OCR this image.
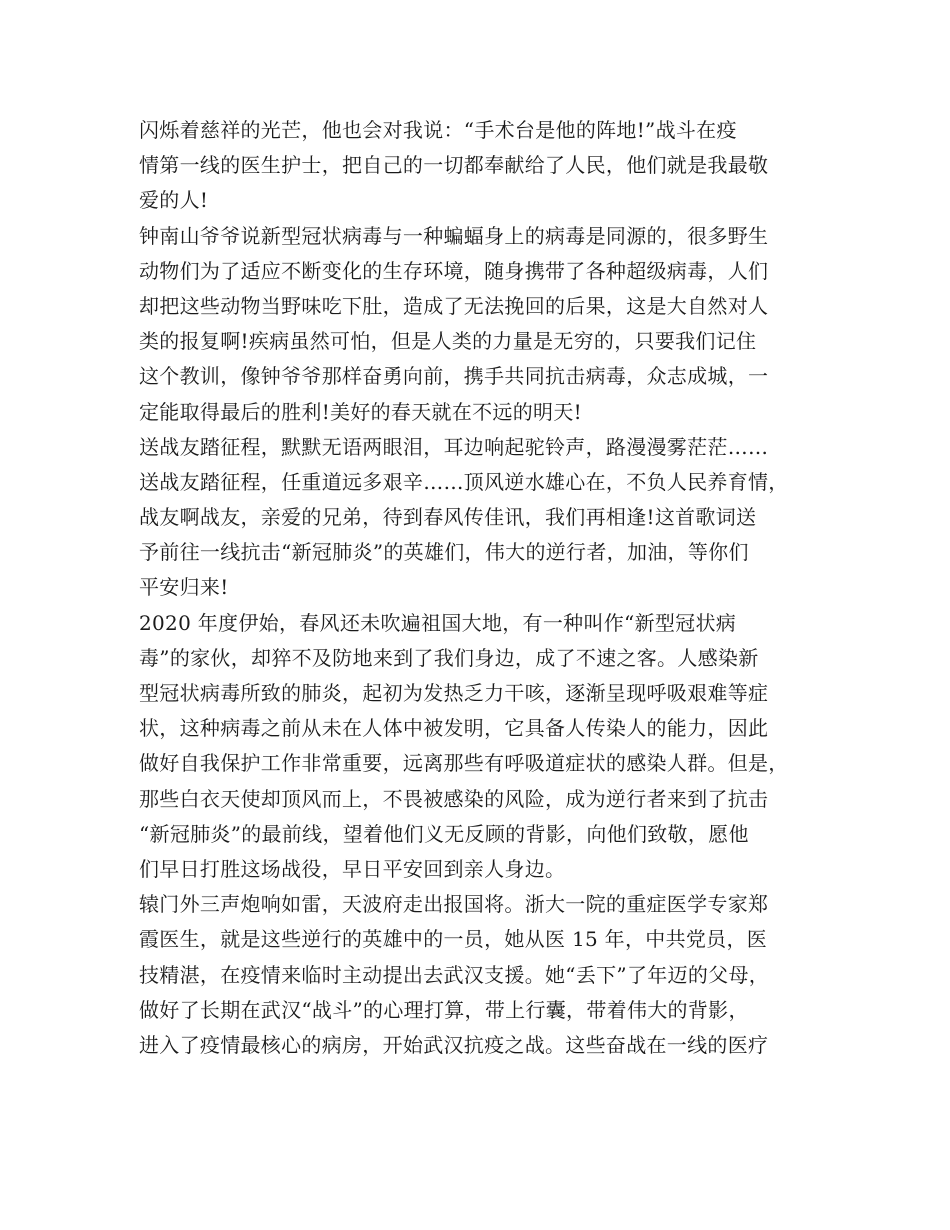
闪烁着慈祥的光芒，他也会对我说：“手术台是他的阵地!”战斗在疫
情第一线的医生护士，把自己的一切都奉献给了人民，他们就是我最敬
爱的人!
钟南山爷爷说新型冠状病毒与一种蝙蝠身上的病毒是同源的，很多野生
动物们为了适应不断变化的生存环境，随身携带了各种超级病毒，人们
却把这些动物当野味吃下肚，造成了无法挽回的后果，这是大自然对人
类的报复啊!疾病虽然可怕，但是人类的力量是无穷的，只要我们记住
这个教训，像钟爷爷那样奋勇向前，携手共同抗击病毒，众志成城，一
定能取得最后的胜利!美好的春天就在不远的明天!
送战友踏征程，默默无语两眼泪，耳边响起驼铃声，路漫漫雾茫茫……
送战友踏征程，任重道远多艰辛……顶风逆水雄心在，不负人民养育情，
战友啊战友，亲爱的兄弟，待到春风传佳讯，我们再相逢!这首歌词送
予前往一线抗击“新冠肺炎”的英雄们，伟大的逆行者，加油，等你们
平安归来!
2020 年度伊始，春风还未吹遍祖国大地，有一种叫作“新型冠状病
毒”的家伙，却猝不及防地来到了我们身边，成了不速之客。人感染新
型冠状病毒所致的肺炎，起初为发热乏力干咳，逐渐呈现呼吸艰难等症
状，这种病毒之前从未在人体中被发明，它具备人传染人的能力，因此
做好自我保护工作非常重要，远离那些有呼吸道症状的感染人群。但是，
那些白衣天使却顶风而上，不畏被感染的风险，成为逆行者来到了抗击
“新冠肺炎”的最前线，望着他们义无反顾的背影，向他们致敬，愿他
们早日打胜这场战役，早日平安回到亲人身边。
辕门外三声炮响如雷，天波府走出报国将。浙大一院的重症医学专家郑
霞医生，就是这些逆行的英雄中的一员，她从医 15 年，中共党员，医
技精湛，在疫情来临时主动提出去武汉支援。她“丢下”了年迈的父母，
做好了长期在武汉“战斗”的心理打算，带上行囊，带着伟大的背影，
进入了疫情最核心的病房，开始武汉抗疫之战。这些奋战在一线的医疗
